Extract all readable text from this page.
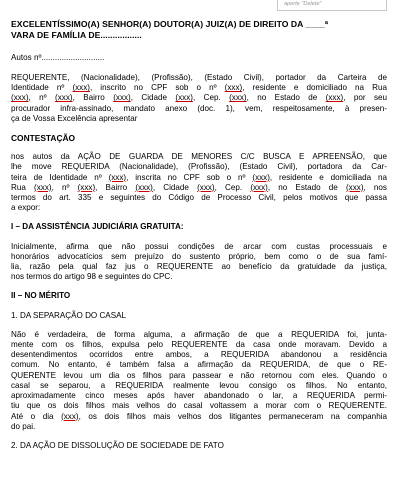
aperte "Delete"
EXCELENTÍSSIMO(A) SENHOR(A) DOUTOR(A) JUIZ(A) DE DIREITO DA ____ª
VARA DE FAMÍLIA DE.................

Autos nº............................

REQUERENTE, (Nacionalidade), (Profissão), (Estado Civil), portador da Carteira de
Identidade nº (xxx), inscrito no CPF sob o nº (xxx), residente e domiciliado na Rua
(xxx), nº (xxx), Bairro (xxx), Cidade (xxx), Cep. (xxx), no Estado de (xxx), por seu
procurador infra-assinado, mandato anexo (doc. 1), vem, respeitosamente, à presen-
ça de Vossa Excelência apresentar

CONTESTAÇÃO

nos autos da AÇÃO DE GUARDA DE MENORES C/C BUSCA E APREENSÃO, que
lhe move REQUERIDA (Nacionalidade), (Profissão), (Estado Civil), portadora da Car-
teira de Identidade nº (xxx), inscrita no CPF sob o nº (xxx), residente e domiciliada na
Rua (xxx), nº (xxx), Bairro (xxx), Cidade (xxx), Cep. (xxx), no Estado de (xxx), nos
termos do art. 335 e seguintes do Código de Processo Civil, pelos motivos que passa
a expor:

I – DA ASSISTÊNCIA JUDICIÁRIA GRATUITA:

Inicialmente, afirma que não possui condições de arcar com custas processuais e
honorários advocatícios sem prejuízo do sustento próprio, bem como o de sua famí-
lia, razão pela qual faz jus o REQUERENTE ao benefício da gratuidade da justiça,
nos termos do artigo 98 e seguintes do CPC.

II – NO MÉRITO

1. DA SEPARAÇÃO DO CASAL

Não é verdadeira, de forma alguma, a afirmação de que a REQUERIDA foi, junta-
mente com os filhos, expulsa pelo REQUERENTE da casa onde moravam. Devido a
desentendimentos ocorridos entre ambos, a REQUERIDA abandonou a residência
comum. No entanto, é também falsa a afirmação da REQUERIDA, de que o RE-
QUERENTE levou um dia os filhos para passear e não retornou com eles. Quando o
casal se separou, a REQUERIDA realmente levou consigo os filhos. No entanto,
aproximadamente cinco meses após haver abandonado o lar, a REQUERIDA permi-
tiu que os dois filhos mais velhos do casal voltassem a morar com o REQUERENTE.
Até o dia (xxx), os dois filhos mais velhos dos litigantes permaneceram na companhia
do pai.

2. DA AÇÃO DE DISSOLUÇÃO DE SOCIEDADE DE FATO
